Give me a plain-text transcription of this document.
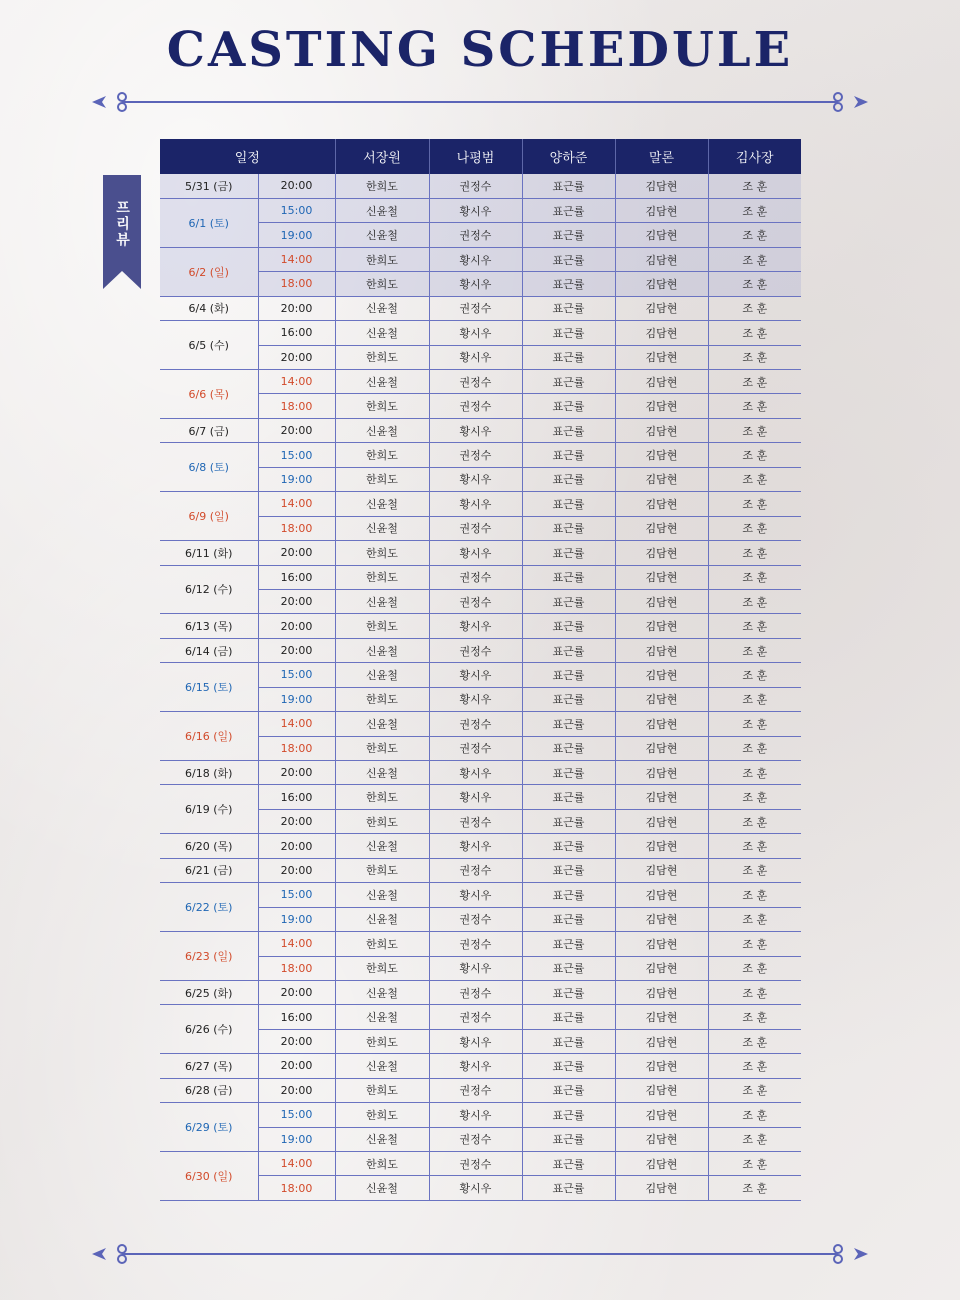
CASTING SCHEDULE
프리뷰
일정		서장원	나평범	양하준	말론	김사장
5/31 (금)	20:00	한희도	권정수	표근률	김담현	조 훈
6/1 (토)	15:00	신윤철	황시우	표근률	김담현	조 훈
	19:00	신윤철	권정수	표근률	김담현	조 훈
6/2 (일)	14:00	한희도	황시우	표근률	김담현	조 훈
	18:00	한희도	황시우	표근률	김담현	조 훈
6/4 (화)	20:00	신윤철	권정수	표근률	김담현	조 훈
6/5 (수)	16:00	신윤철	황시우	표근률	김담현	조 훈
	20:00	한희도	황시우	표근률	김담현	조 훈
6/6 (목)	14:00	신윤철	권정수	표근률	김담현	조 훈
	18:00	한희도	권정수	표근률	김담현	조 훈
6/7 (금)	20:00	신윤철	황시우	표근률	김담현	조 훈
6/8 (토)	15:00	한희도	권정수	표근률	김담현	조 훈
	19:00	한희도	황시우	표근률	김담현	조 훈
6/9 (일)	14:00	신윤철	황시우	표근률	김담현	조 훈
	18:00	신윤철	권정수	표근률	김담현	조 훈
6/11 (화)	20:00	한희도	황시우	표근률	김담현	조 훈
6/12 (수)	16:00	한희도	권정수	표근률	김담현	조 훈
	20:00	신윤철	권정수	표근률	김담현	조 훈
6/13 (목)	20:00	한희도	황시우	표근률	김담현	조 훈
6/14 (금)	20:00	신윤철	권정수	표근률	김담현	조 훈
6/15 (토)	15:00	신윤철	황시우	표근률	김담현	조 훈
	19:00	한희도	황시우	표근률	김담현	조 훈
6/16 (일)	14:00	신윤철	권정수	표근률	김담현	조 훈
	18:00	한희도	권정수	표근률	김담현	조 훈
6/18 (화)	20:00	신윤철	황시우	표근률	김담현	조 훈
6/19 (수)	16:00	한희도	황시우	표근률	김담현	조 훈
	20:00	한희도	권정수	표근률	김담현	조 훈
6/20 (목)	20:00	신윤철	황시우	표근률	김담현	조 훈
6/21 (금)	20:00	한희도	권정수	표근률	김담현	조 훈
6/22 (토)	15:00	신윤철	황시우	표근률	김담현	조 훈
	19:00	신윤철	권정수	표근률	김담현	조 훈
6/23 (일)	14:00	한희도	권정수	표근률	김담현	조 훈
	18:00	한희도	황시우	표근률	김담현	조 훈
6/25 (화)	20:00	신윤철	권정수	표근률	김담현	조 훈
6/26 (수)	16:00	신윤철	권정수	표근률	김담현	조 훈
	20:00	한희도	황시우	표근률	김담현	조 훈
6/27 (목)	20:00	신윤철	황시우	표근률	김담현	조 훈
6/28 (금)	20:00	한희도	권정수	표근률	김담현	조 훈
6/29 (토)	15:00	한희도	황시우	표근률	김담현	조 훈
	19:00	신윤철	권정수	표근률	김담현	조 훈
6/30 (일)	14:00	한희도	권정수	표근률	김담현	조 훈
	18:00	신윤철	황시우	표근률	김담현	조 훈
